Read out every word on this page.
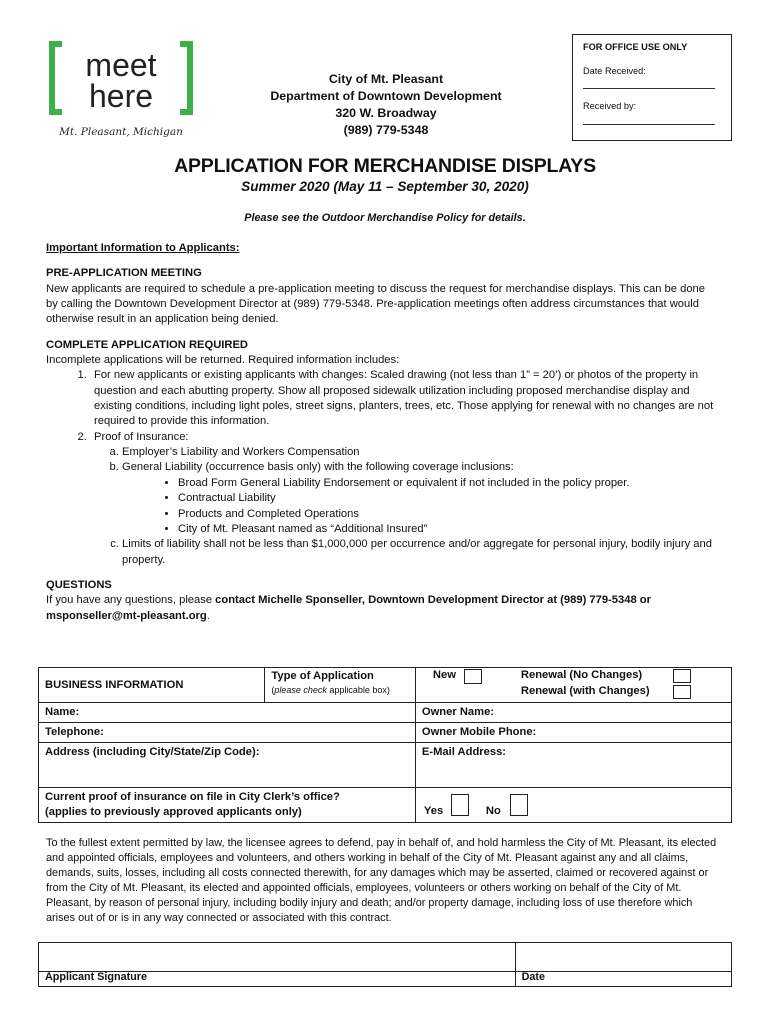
meet
here
Mt. Pleasant, Michigan
City of Mt. Pleasant
Department of Downtown Development
320 W. Broadway
(989) 779-5348
FOR OFFICE USE ONLY
Date Received:
Received by:
APPLICATION FOR MERCHANDISE DISPLAYS
Summer 2020 (May 11 – September 30, 2020)
Please see the Outdoor Merchandise Policy for details.
Important Information to Applicants:
PRE-APPLICATION MEETING
New applicants are required to schedule a pre-application meeting to discuss the request for merchandise displays. This can be done by calling the Downtown Development Director at (989) 779-5348. Pre-application meetings often address circumstances that would otherwise result in an application being denied.
COMPLETE APPLICATION REQUIRED
Incomplete applications will be returned. Required information includes:
1. For new applicants or existing applicants with changes: Scaled drawing (not less than 1” = 20’) or photos of the property in question and each abutting property. Show all proposed sidewalk utilization including proposed merchandise display and existing conditions, including light poles, street signs, planters, trees, etc. Those applying for renewal with no changes are not required to provide this information.
2. Proof of Insurance:
a. Employer’s Liability and Workers Compensation
b. General Liability (occurrence basis only) with the following coverage inclusions:
• Broad Form General Liability Endorsement or equivalent if not included in the policy proper.
• Contractual Liability
• Products and Completed Operations
• City of Mt. Pleasant named as “Additional Insured”
c. Limits of liability shall not be less than $1,000,000 per occurrence and/or aggregate for personal injury, bodily injury and property.
QUESTIONS
If you have any questions, please contact Michelle Sponseller, Downtown Development Director at (989) 779-5348 or msponseller@mt-pleasant.org.
BUSINESS INFORMATION
Type of Application
(please check applicable box)
New	Renewal (No Changes)
Renewal (with Changes)
Name:	Owner Name:
Telephone:	Owner Mobile Phone:
Address (including City/State/Zip Code):	E-Mail Address:
Current proof of insurance on file in City Clerk’s office?
(applies to previously approved applicants only)	Yes	No
To the fullest extent permitted by law, the licensee agrees to defend, pay in behalf of, and hold harmless the City of Mt. Pleasant, its elected and appointed officials, employees and volunteers, and others working in behalf of the City of Mt. Pleasant against any and all claims, demands, suits, losses, including all costs connected therewith, for any damages which may be asserted, claimed or recovered against or from the City of Mt. Pleasant, its elected and appointed officials, employees, volunteers or others working on behalf of the City of Mt. Pleasant, by reason of personal injury, including bodily injury and death; and/or property damage, including loss of use therefore which arises out of or is in any way connected or associated with this contract.
Applicant Signature	Date
